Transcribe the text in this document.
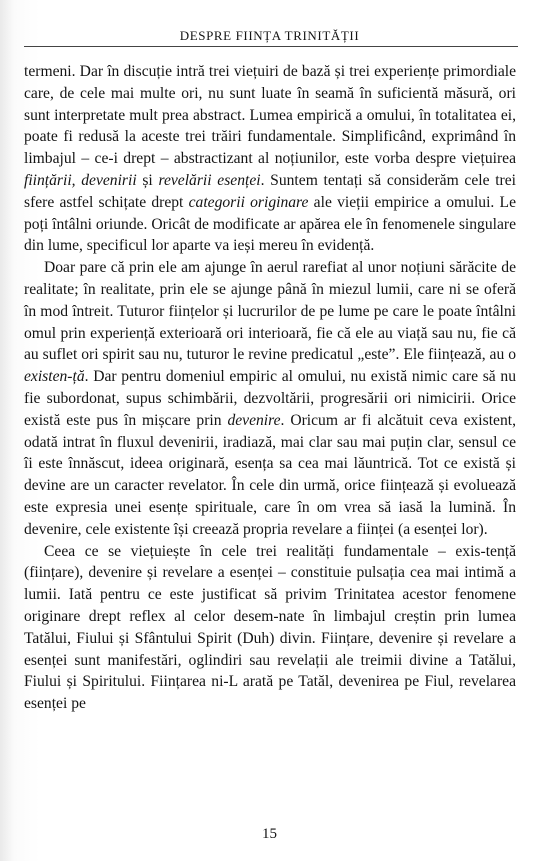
DESPRE FIINȚA TRINITĂȚII

termeni. Dar în discuție intră trei viețuiri de bază și trei experiențe primordiale care, de cele mai multe ori, nu sunt luate în seamă în suficientă măsură, ori sunt interpretate mult prea abstract. Lumea empirică a omului, în totalitatea ei, poate fi redusă la aceste trei trăiri fundamentale. Simplificând, exprimând în limbajul – ce-i drept – abstractizant al noțiunilor, este vorba despre viețuirea ființării, devenirii și revelării esenței. Suntem tentați să considerăm cele trei sfere astfel schițate drept categorii originare ale vieții empirice a omului. Le poți întâlni oriunde. Oricât de modificate ar apărea ele în fenomenele singulare din lume, specificul lor aparte va ieși mereu în evidență.

Doar pare că prin ele am ajunge în aerul rarefiat al unor noțiuni sărăcite de realitate; în realitate, prin ele se ajunge până în miezul lumii, care ni se oferă în mod întreit. Tuturor ființelor și lucrurilor de pe lume pe care le poate întâlni omul prin experiență exterioară ori interioară, fie că ele au viață sau nu, fie că au suflet ori spirit sau nu, tuturor le revine predicatul „este”. Ele ființează, au o existen-ță. Dar pentru domeniul empiric al omului, nu există nimic care să nu fie subordonat, supus schimbării, dezvoltării, progresării ori nimicirii. Orice există este pus în mișcare prin devenire. Oricum ar fi alcătuit ceva existent, odată intrat în fluxul devenirii, iradiază, mai clar sau mai puțin clar, sensul ce îi este înnăscut, ideea originară, esența sa cea mai lăuntrică. Tot ce există și devine are un caracter revelator. În cele din urmă, orice ființează și evoluează este expresia unei esențe spirituale, care în om vrea să iasă la lumină. În devenire, cele existente își creează propria revelare a ființei (a esenței lor).

Ceea ce se viețuiește în cele trei realități fundamentale – exis-tență (ființare), devenire și revelare a esenței – constituie pulsația cea mai intimă a lumii. Iată pentru ce este justificat să privim Trinitatea acestor fenomene originare drept reflex al celor desem-nate în limbajul creștin prin lumea Tatălui, Fiului și Sfântului Spirit (Duh) divin. Ființare, devenire și revelare a esenței sunt manifestări, oglindiri sau revelații ale treimii divine a Tatălui, Fiului și Spiritului. Ființarea ni-L arată pe Tatăl, devenirea pe Fiul, revelarea esenței pe

15
